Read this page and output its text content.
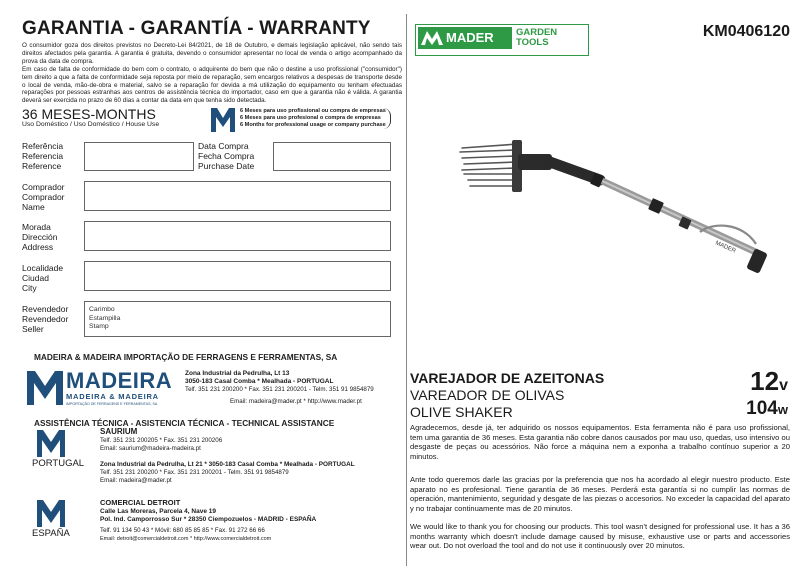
GARANTIA - GARANTÍA - WARRANTY
O consumidor goza dos direitos previstos no Decreto-Lei 84/2021, de 18 de Outubro, e demais legislação aplicável, não sendo tais direitos afectados pela garantia. A garantia é gratuita, devendo o consumidor apresentar no local de venda o artigo acompanhado da prova da data de compra.
Em caso de falta de conformidade do bem com o contrato, o adquirente do bem que não o destine a uso profissional ("consumidor") tem direito a que a falta de conformidade seja reposta por meio de reparação, sem encargos relativos a despesas de transporte desde o local de venda, mão-de-obra e material, salvo se a reparação for devida a má utilização do equipamento ou tenham efectuadas reparações por pessoas estranhas aos centros de assistência técnica do importador, caso em que a garantia não é válida. A garantia deverá ser exercida no prazo de 60 dias a contar da data em que tenha sido detectada.
36 MESES-MONTHS
Uso Doméstico / Uso Doméstico / House Use
6 Meses para uso profissional ou compra de empresas
6 Meses para uso profesional o compra de empresas
6 Months for professional usage or company purchase
Referência
Referencia
Reference
Data Compra
Fecha Compra
Purchase Date
Comprador
Comprador
Name
Morada
Dirección
Address
Localidade
Ciudad
City
Revendedor
Revendedor
Seller
Carimbo
Estampilla
Stamp
MADEIRA & MADEIRA IMPORTAÇÃO DE FERRAGENS E FERRAMENTAS, SA
MADEIRA
MADEIRA & MADEIRA
IMPORTAÇÃO DE FERRAGENS E FERRAMENTAS, SA
Zona Industrial da Pedrulha, Lt 13
3050-183 Casal Comba * Mealhada - PORTUGAL
Telf. 351 231 200200 * Fax. 351 231 200201 - Telm. 351 91 9854879
Email: madeira@mader.pt * http://www.mader.pt
ASSISTÊNCIA TÉCNICA - ASISTENCIA TÉCNICA - TECHNICAL ASSISTANCE
PORTUGAL
SAURIUM
Telf. 351 231 200205 * Fax. 351 231 200206
Email: saurium@madeira-madeira.pt
Zona Industrial da Pedrulha, Lt 21 * 3050-183 Casal Comba * Mealhada - PORTUGAL
Telf. 351 231 200200 * Fax. 351 231 200201 - Telm. 351 91 9854879
Email: madeira@mader.pt
ESPAÑA
COMERCIAL DETROIT
Calle Las Moreras, Parcela 4, Nave 19
Pol. Ind. Camporrosso Sur * 28350 Ciempozuelos - MADRID - ESPAÑA
Telf. 91 134 50 43 * Móvil: 680 85 85 85 * Fax. 91 272 66 66
Email: detroit@comercialdetroit.com * http://www.comercialdetroit.com
MADER GARDEN
TOOLS
KM0406120
MADER
VAREJADOR DE AZEITONAS
VAREADOR DE OLIVAS
OLIVE SHAKER
12v
104w
Agradecemos, desde já, ter adquirido os nossos equipamentos. Esta ferramenta não é para uso profissional, tem uma garantia de 36 meses. Esta garantia não cobre danos causados por mau uso, quedas, uso intensivo ou desgaste de peças ou acessórios. Não force a máquina nem a exponha a trabalho contínuo superior a 20 minutos.
Ante todo queremos darle las gracias por la preferencia que nos ha acordado al elegir nuestro producto. Este aparato no es profesional. Tiene garantía de 36 meses. Perderá esta garantía si no cumplir las normas de operación, mantenimiento, seguridad y desgate de las piezas o accesorios. No exceder la capacidad del aparato y no trabajar continuamente mas de 20 minutos.
We would like to thank you for choosing our products. This tool wasn't designed for professional use. It has a 36 months warranty which doesn't include damage caused by misuse, exhaustive use or parts and accessories wear out. Do not overload the tool and do not use it continuously over 20 minutos.
